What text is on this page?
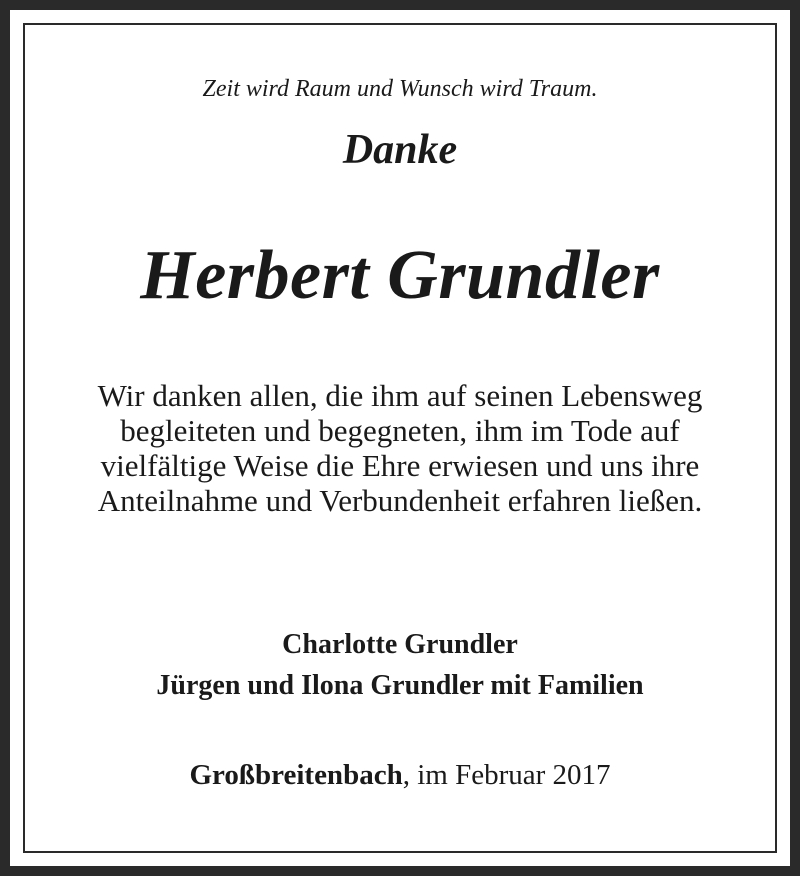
Zeit wird Raum und Wunsch wird Traum.
Danke
Herbert Grundler
Wir danken allen, die ihm auf seinen Lebensweg
begleiteten und begegneten, ihm im Tode auf
vielfältige Weise die Ehre erwiesen und uns ihre
Anteilnahme und Verbundenheit erfahren ließen.
Charlotte Grundler
Jürgen und Ilona Grundler mit Familien
Großbreitenbach, im Februar 2017
